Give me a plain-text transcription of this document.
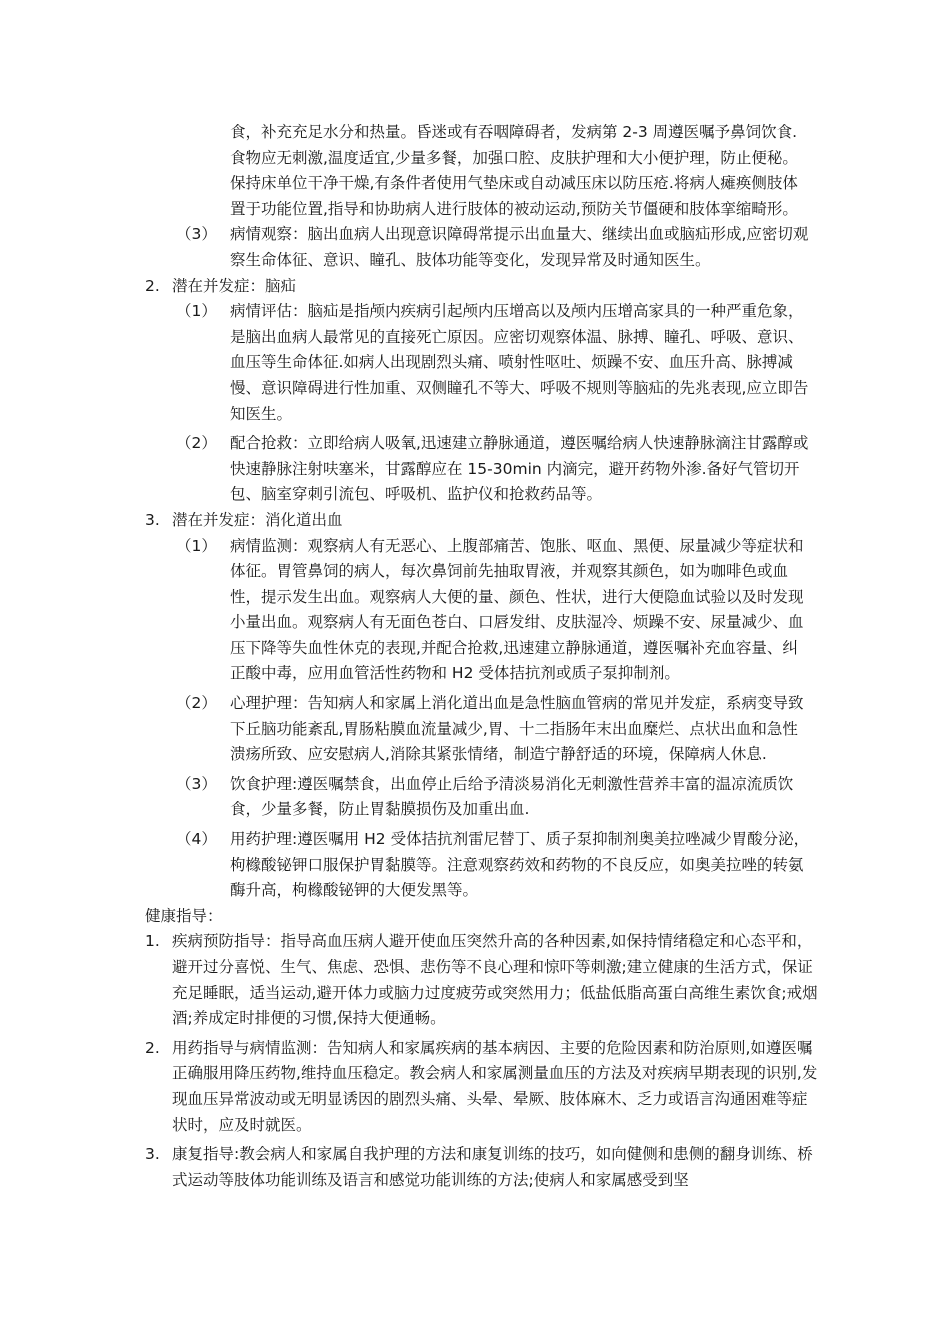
食，补充充足水分和热量。昏迷或有吞咽障碍者，发病第 2-3 周遵医嘱予鼻饲饮食.食物应无刺激,温度适宜,少量多餐，加强口腔、皮肤护理和大小便护理，防止便秘。保持床单位干净干燥,有条件者使用气垫床或自动减压床以防压疮.将病人瘫痪侧肢体置于功能位置,指导和协助病人进行肢体的被动运动,预防关节僵硬和肢体挛缩畸形。

（3） 病情观察：脑出血病人出现意识障碍常提示出血量大、继续出血或脑疝形成,应密切观察生命体征、意识、瞳孔、肢体功能等变化，发现异常及时通知医生。

2. 潜在并发症：脑疝

（1） 病情评估：脑疝是指颅内疾病引起颅内压增高以及颅内压增高家具的一种严重危象，是脑出血病人最常见的直接死亡原因。应密切观察体温、脉搏、瞳孔、呼吸、意识、血压等生命体征.如病人出现剧烈头痛、喷射性呕吐、烦躁不安、血压升高、脉搏减慢、意识障碍进行性加重、双侧瞳孔不等大、呼吸不规则等脑疝的先兆表现,应立即告知医生。

（2） 配合抢救：立即给病人吸氧,迅速建立静脉通道，遵医嘱给病人快速静脉滴注甘露醇或快速静脉注射呋塞米，甘露醇应在 15-30min 内滴完，避开药物外渗.备好气管切开包、脑室穿刺引流包、呼吸机、监护仪和抢救药品等。

3. 潜在并发症：消化道出血

（1） 病情监测：观察病人有无恶心、上腹部痛苦、饱胀、呕血、黑便、尿量减少等症状和体征。胃管鼻饲的病人，每次鼻饲前先抽取胃液，并观察其颜色，如为咖啡色或血性，提示发生出血。观察病人大便的量、颜色、性状，进行大便隐血试验以及时发现小量出血。观察病人有无面色苍白、口唇发绀、皮肤湿冷、烦躁不安、尿量减少、血压下降等失血性休克的表现,并配合抢救,迅速建立静脉通道，遵医嘱补充血容量、纠正酸中毒，应用血管活性药物和 H2 受体拮抗剂或质子泵抑制剂。

（2） 心理护理：告知病人和家属上消化道出血是急性脑血管病的常见并发症，系病变导致下丘脑功能紊乱,胃肠粘膜血流量减少,胃、十二指肠年末出血糜烂、点状出血和急性溃疡所致、应安慰病人,消除其紧张情绪，制造宁静舒适的环境，保障病人休息.

（3） 饮食护理:遵医嘱禁食，出血停止后给予清淡易消化无刺激性营养丰富的温凉流质饮食，少量多餐，防止胃黏膜损伤及加重出血.

（4） 用药护理:遵医嘱用 H2 受体拮抗剂雷尼替丁、质子泵抑制剂奥美拉唑减少胃酸分泌，枸橼酸铋钾口服保护胃黏膜等。注意观察药效和药物的不良反应，如奥美拉唑的转氨酶升高，枸橼酸铋钾的大便发黑等。

健康指导：

1. 疾病预防指导：指导高血压病人避开使血压突然升高的各种因素,如保持情绪稳定和心态平和，避开过分喜悦、生气、焦虑、恐惧、悲伤等不良心理和惊吓等刺激;建立健康的生活方式，保证充足睡眠，适当运动,避开体力或脑力过度疲劳或突然用力；低盐低脂高蛋白高维生素饮食;戒烟酒;养成定时排便的习惯,保持大便通畅。

2. 用药指导与病情监测：告知病人和家属疾病的基本病因、主要的危险因素和防治原则,如遵医嘱正确服用降压药物,维持血压稳定。教会病人和家属测量血压的方法及对疾病早期表现的识别,发现血压异常波动或无明显诱因的剧烈头痛、头晕、晕厥、肢体麻木、乏力或语言沟通困难等症状时，应及时就医。

3. 康复指导:教会病人和家属自我护理的方法和康复训练的技巧，如向健侧和患侧的翻身训练、桥式运动等肢体功能训练及语言和感觉功能训练的方法;使病人和家属感受到坚
